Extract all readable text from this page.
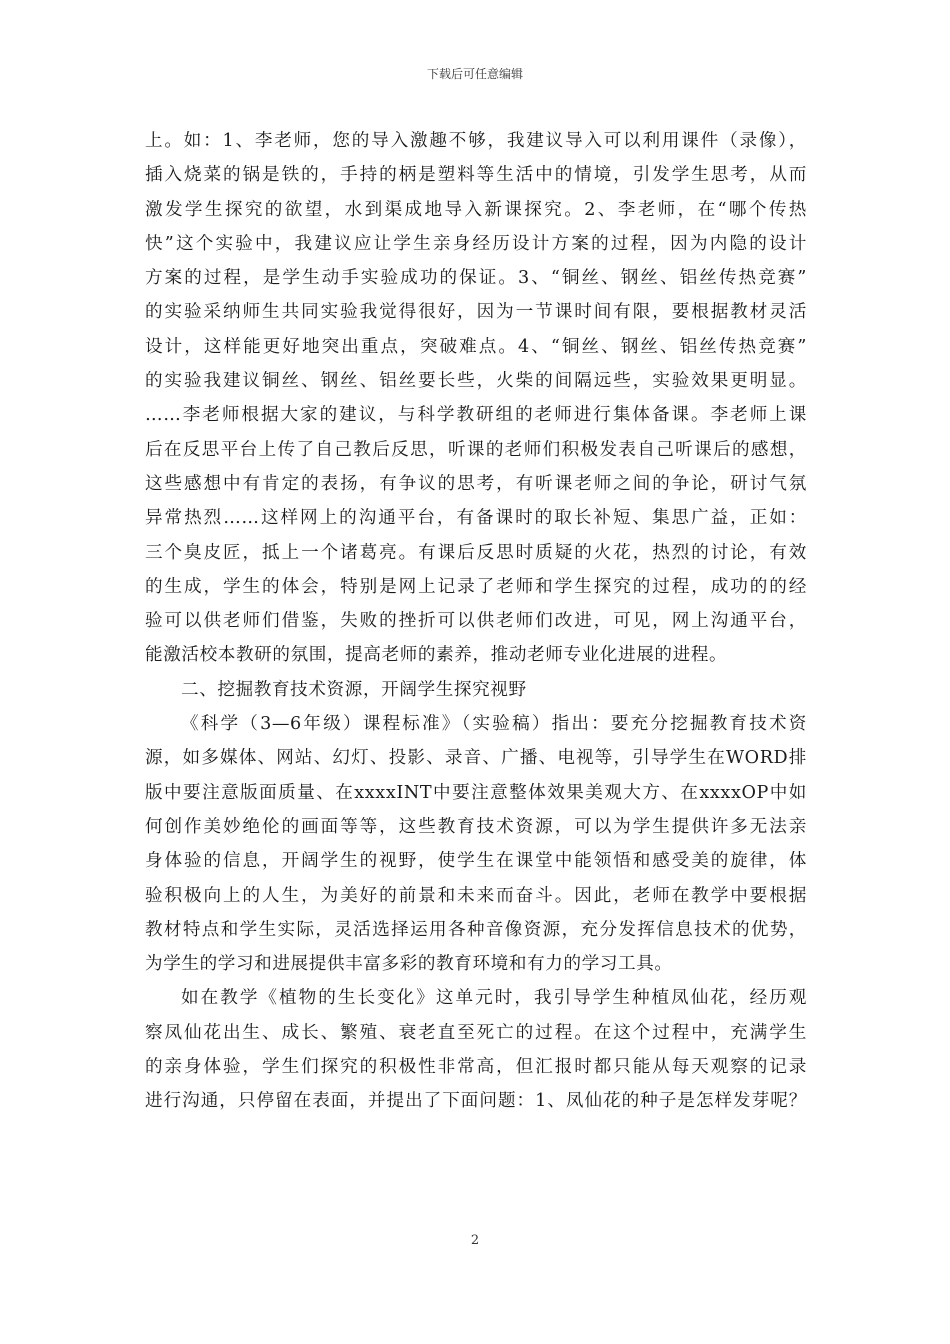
下载后可任意编辑
上。如：1、李老师，您的导入激趣不够，我建议导入可以利用课件（录像），
插入烧菜的锅是铁的，手持的柄是塑料等生活中的情境，引发学生思考，从而
激发学生探究的欲望，水到渠成地导入新课探究。2、李老师，在“哪个传热
快”这个实验中，我建议应让学生亲身经历设计方案的过程，因为内隐的设计
方案的过程，是学生动手实验成功的保证。3、“铜丝、钢丝、铝丝传热竞赛”
的实验采纳师生共同实验我觉得很好，因为一节课时间有限，要根据教材灵活
设计，这样能更好地突出重点，突破难点。4、“铜丝、钢丝、铝丝传热竞赛”
的实验我建议铜丝、钢丝、铝丝要长些，火柴的间隔远些，实验效果更明显。
……李老师根据大家的建议，与科学教研组的老师进行集体备课。李老师上课
后在反思平台上传了自己教后反思，听课的老师们积极发表自己听课后的感想，
这些感想中有肯定的表扬，有争议的思考，有听课老师之间的争论，研讨气氛
异常热烈……这样网上的沟通平台，有备课时的取长补短、集思广益，正如：
三个臭皮匠，抵上一个诸葛亮。有课后反思时质疑的火花，热烈的讨论，有效
的生成，学生的体会，特别是网上记录了老师和学生探究的过程，成功的的经
验可以供老师们借鉴，失败的挫折可以供老师们改进，可见，网上沟通平台，
能激活校本教研的氛围，提高老师的素养，推动老师专业化进展的进程。
二、挖掘教育技术资源，开阔学生探究视野
《科学（3—6年级）课程标准》（实验稿）指出：要充分挖掘教育技术资
源，如多媒体、网站、幻灯、投影、录音、广播、电视等，引导学生在WORD排
版中要注意版面质量、在xxxxINT中要注意整体效果美观大方、在xxxxOP中如
何创作美妙绝伦的画面等等，这些教育技术资源，可以为学生提供许多无法亲
身体验的信息，开阔学生的视野，使学生在课堂中能领悟和感受美的旋律，体
验积极向上的人生，为美好的前景和未来而奋斗。因此，老师在教学中要根据
教材特点和学生实际，灵活选择运用各种音像资源，充分发挥信息技术的优势，
为学生的学习和进展提供丰富多彩的教育环境和有力的学习工具。
如在教学《植物的生长变化》这单元时，我引导学生种植凤仙花，经历观
察凤仙花出生、成长、繁殖、衰老直至死亡的过程。在这个过程中，充满学生
的亲身体验，学生们探究的积极性非常高，但汇报时都只能从每天观察的记录
进行沟通，只停留在表面，并提出了下面问题：1、凤仙花的种子是怎样发芽呢？
2
